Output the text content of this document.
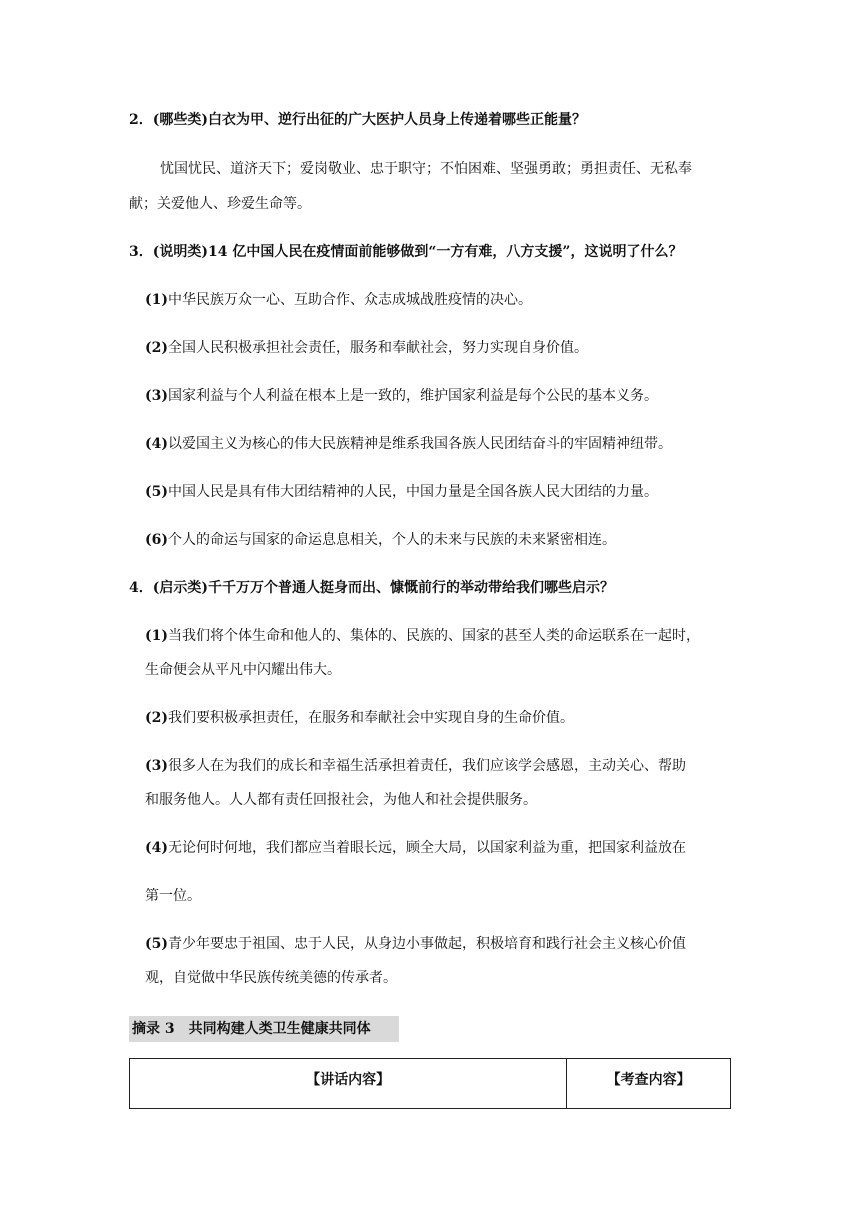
2．(哪些类)白衣为甲、逆行出征的广大医护人员身上传递着哪些正能量？
忧国忧民、道济天下；爱岗敬业、忠于职守；不怕困难、坚强勇敢；勇担责任、无私奉
献；关爱他人、珍爱生命等。
3．(说明类)14 亿中国人民在疫情面前能够做到“一方有难，八方支援”，这说明了什么？
(1)中华民族万众一心、互助合作、众志成城战胜疫情的决心。
(2)全国人民积极承担社会责任，服务和奉献社会，努力实现自身价值。
(3)国家利益与个人利益在根本上是一致的，维护国家利益是每个公民的基本义务。
(4)以爱国主义为核心的伟大民族精神是维系我国各族人民团结奋斗的牢固精神纽带。
(5)中国人民是具有伟大团结精神的人民，中国力量是全国各族人民大团结的力量。
(6)个人的命运与国家的命运息息相关，个人的未来与民族的未来紧密相连。
4．(启示类)千千万万个普通人挺身而出、慷慨前行的举动带给我们哪些启示？
(1)当我们将个体生命和他人的、集体的、民族的、国家的甚至人类的命运联系在一起时，
生命便会从平凡中闪耀出伟大。
(2)我们要积极承担责任，在服务和奉献社会中实现自身的生命价值。
(3)很多人在为我们的成长和幸福生活承担着责任，我们应该学会感恩，主动关心、帮助
和服务他人。人人都有责任回报社会，为他人和社会提供服务。
(4)无论何时何地，我们都应当着眼长远，顾全大局，以国家利益为重，把国家利益放在
第一位。
(5)青少年要忠于祖国、忠于人民，从身边小事做起，积极培育和践行社会主义核心价值
观，自觉做中华民族传统美德的传承者。
摘录 3 共同构建人类卫生健康共同体
【讲话内容】	【考查内容】
